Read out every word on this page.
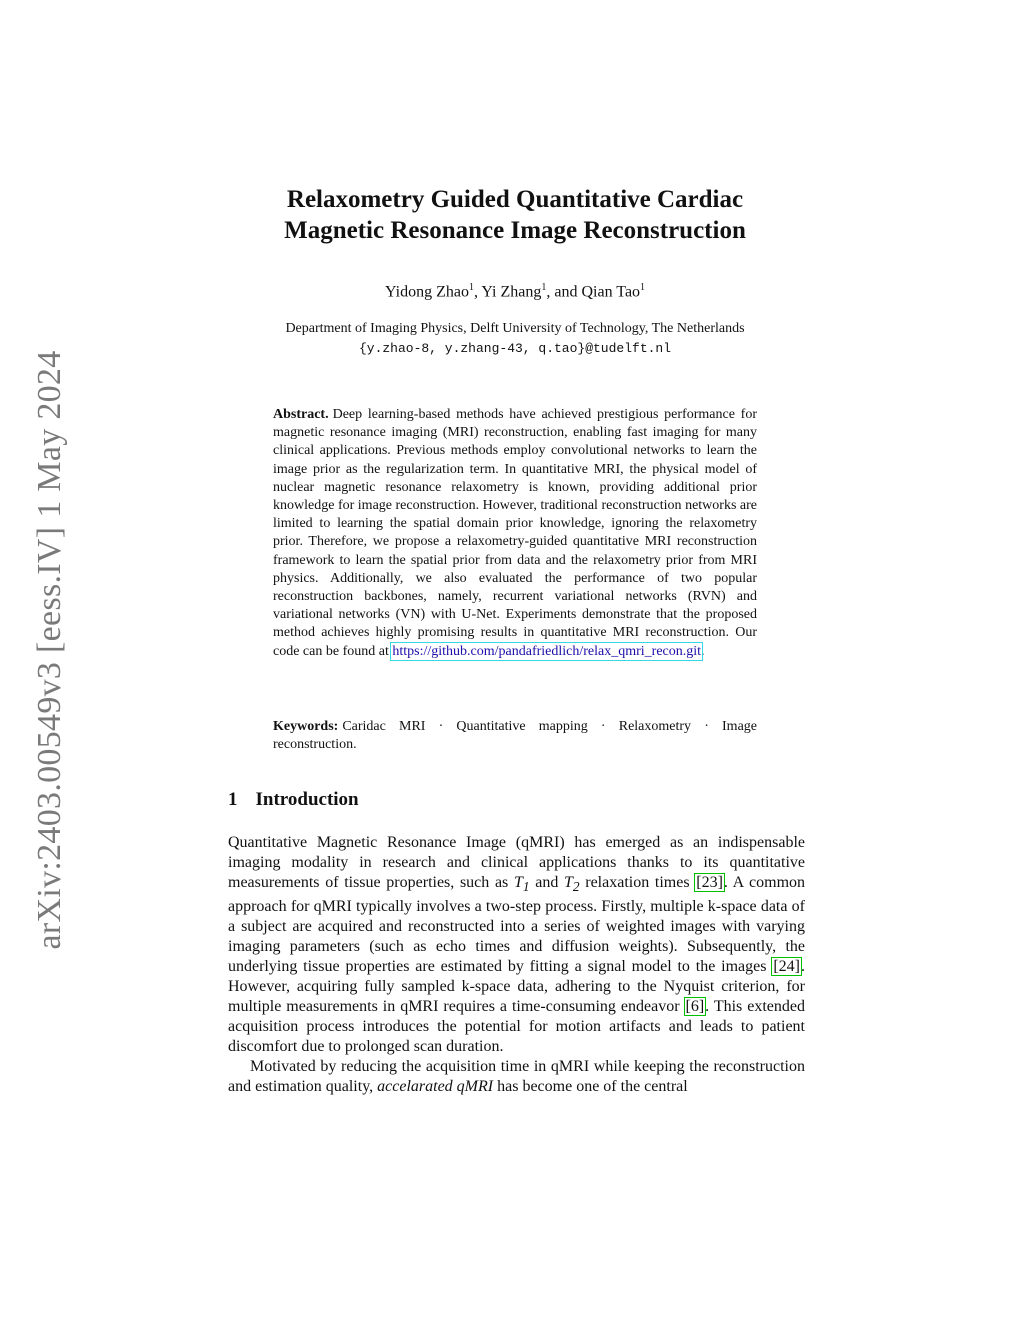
arXiv:2403.00549v3 [eess.IV] 1 May 2024
Relaxometry Guided Quantitative Cardiac
Magnetic Resonance Image Reconstruction
Yidong Zhao$^1$, Yi Zhang$^1$, and Qian Tao$^1$
Department of Imaging Physics, Delft University of Technology, The Netherlands
{y.zhao-8, y.zhang-43, q.tao}@tudelft.nl
Abstract. Deep learning-based methods have achieved prestigious performance for magnetic resonance imaging (MRI) reconstruction, enabling fast imaging for many clinical applications. Previous methods employ convolutional networks to learn the image prior as the regularization term. In quantitative MRI, the physical model of nuclear magnetic resonance relaxometry is known, providing additional prior knowledge for image reconstruction. However, traditional reconstruction networks are limited to learning the spatial domain prior knowledge, ignoring the relaxometry prior. Therefore, we propose a relaxometry-guided quantitative MRI reconstruction framework to learn the spatial prior from data and the relaxometry prior from MRI physics. Additionally, we also evaluated the performance of two popular reconstruction backbones, namely, recurrent variational networks (RVN) and variational networks (VN) with U-Net. Experiments demonstrate that the proposed method achieves highly promising results in quantitative MRI reconstruction. Our code can be found at https://github.com/pandafriedlich/relax_qmri_recon.git.
Keywords: Caridac MRI · Quantitative mapping · Relaxometry · Image reconstruction.
1 Introduction

Quantitative Magnetic Resonance Image (qMRI) has emerged as an indispensable imaging modality in research and clinical applications thanks to its quantitative measurements of tissue properties, such as $T_1$ and $T_2$ relaxation times [23]. A common approach for qMRI typically involves a two-step process. Firstly, multiple k-space data of a subject are acquired and reconstructed into a series of weighted images with varying imaging parameters (such as echo times and diffusion weights). Subsequently, the underlying tissue properties are estimated by fitting a signal model to the images [24]. However, acquiring fully sampled k-space data, adhering to the Nyquist criterion, for multiple measurements in qMRI requires a time-consuming endeavor [6]. This extended acquisition process introduces the potential for motion artifacts and leads to patient discomfort due to prolonged scan duration.

Motivated by reducing the acquisition time in qMRI while keeping the reconstruction and estimation quality, accelarated qMRI has become one of the central
